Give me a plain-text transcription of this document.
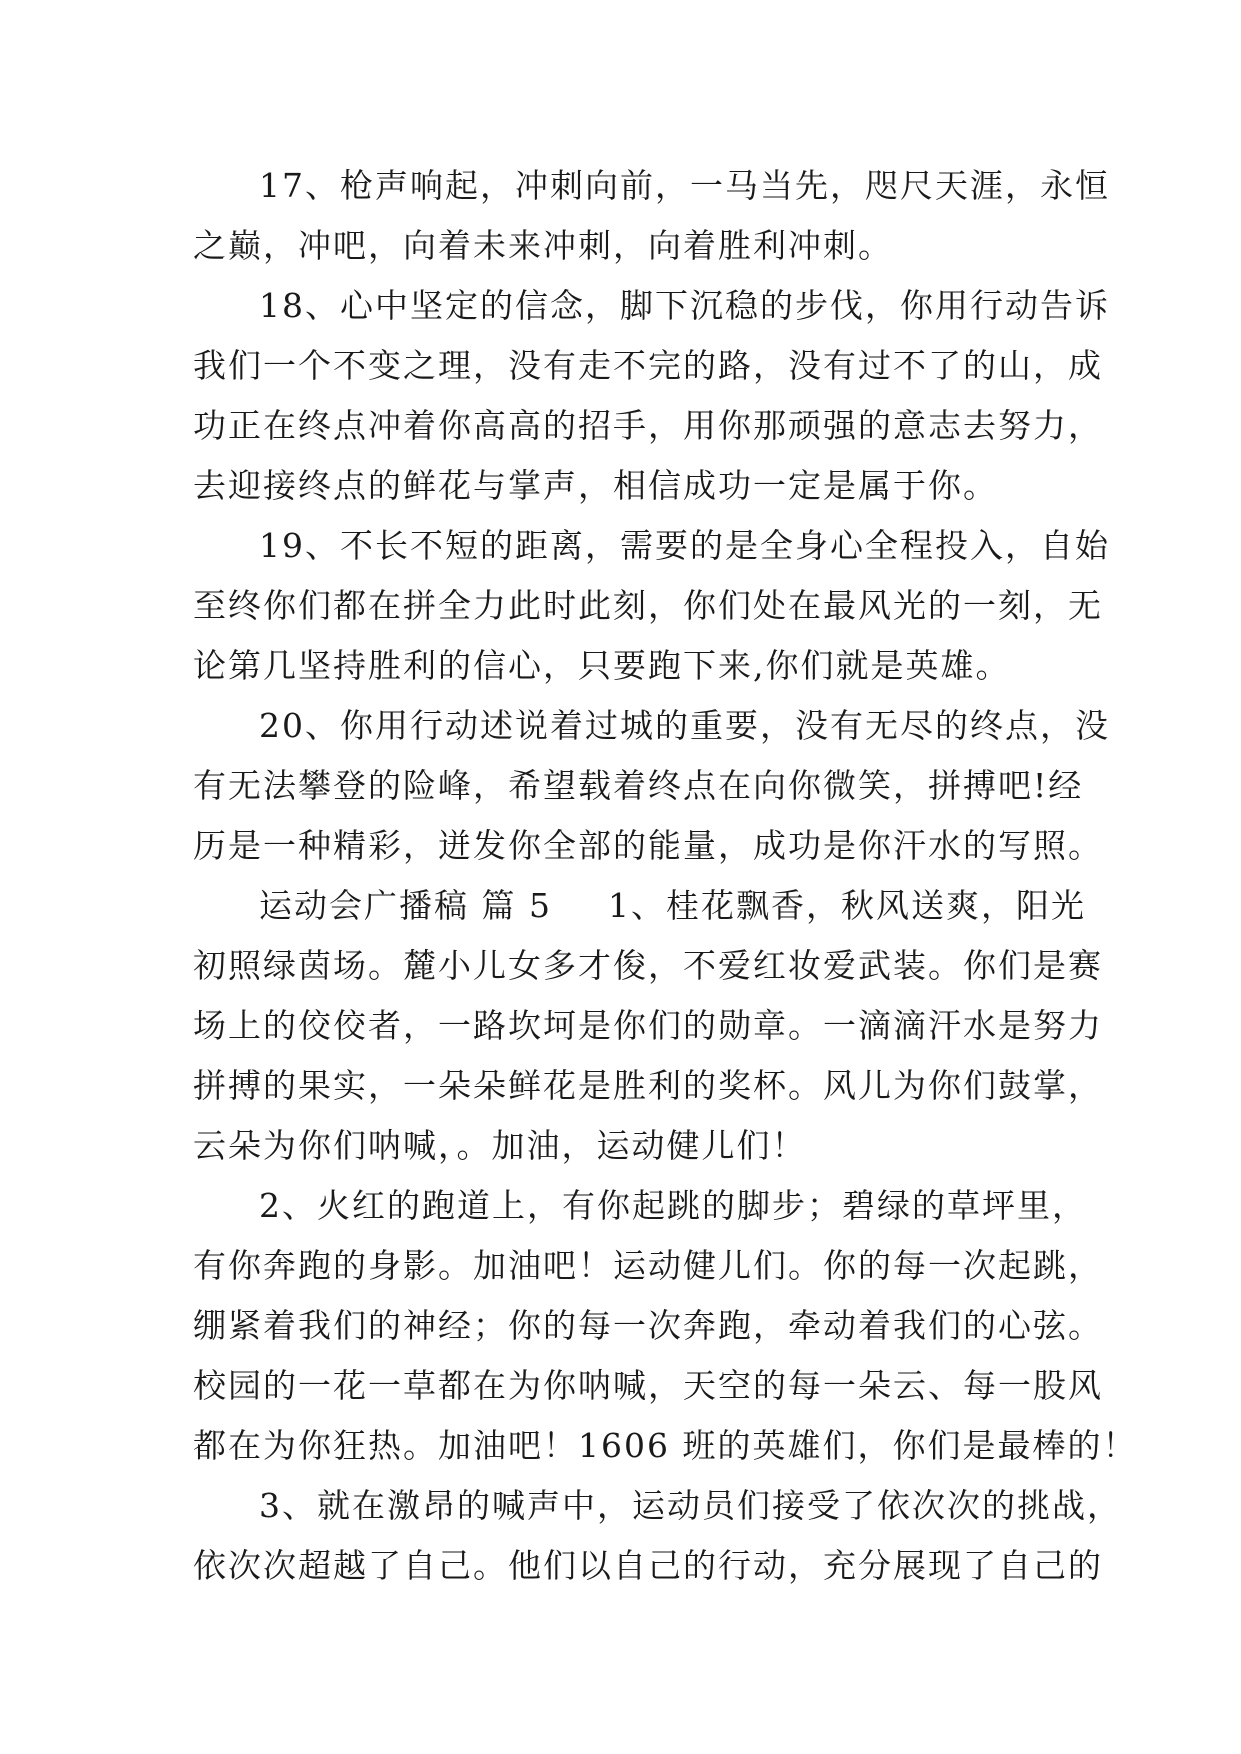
17、枪声响起，冲刺向前，一马当先，咫尺天涯，永恒
之巅，冲吧，向着未来冲刺，向着胜利冲刺。
18、心中坚定的信念，脚下沉稳的步伐，你用行动告诉
我们一个不变之理，没有走不完的路，没有过不了的山，成
功正在终点冲着你高高的招手，用你那顽强的意志去努力，
去迎接终点的鲜花与掌声，相信成功一定是属于你。
19、不长不短的距离，需要的是全身心全程投入，自始
至终你们都在拼全力此时此刻，你们处在最风光的一刻，无
论第几坚持胜利的信心，只要跑下来,你们就是英雄。
20、你用行动述说着过城的重要，没有无尽的终点，没
有无法攀登的险峰，希望载着终点在向你微笑，拼搏吧!经
历是一种精彩，迸发你全部的能量，成功是你汗水的写照。
运动会广播稿 篇 5 1、桂花飘香，秋风送爽，阳光
初照绿茵场。麓小儿女多才俊，不爱红妆爱武装。你们是赛
场上的佼佼者，一路坎坷是你们的勋章。一滴滴汗水是努力
拼搏的果实，一朵朵鲜花是胜利的奖杯。风儿为你们鼓掌，
云朵为你们呐喊，。加油，运动健儿们！
2、火红的跑道上，有你起跳的脚步；碧绿的草坪里，
有你奔跑的身影。加油吧！运动健儿们。你的每一次起跳，
绷紧着我们的神经；你的每一次奔跑，牵动着我们的心弦。
校园的一花一草都在为你呐喊，天空的每一朵云、每一股风
都在为你狂热。加油吧！1606 班的英雄们，你们是最棒的！
3、就在激昂的喊声中，运动员们接受了依次次的挑战，
依次次超越了自己。他们以自己的行动，充分展现了自己的
